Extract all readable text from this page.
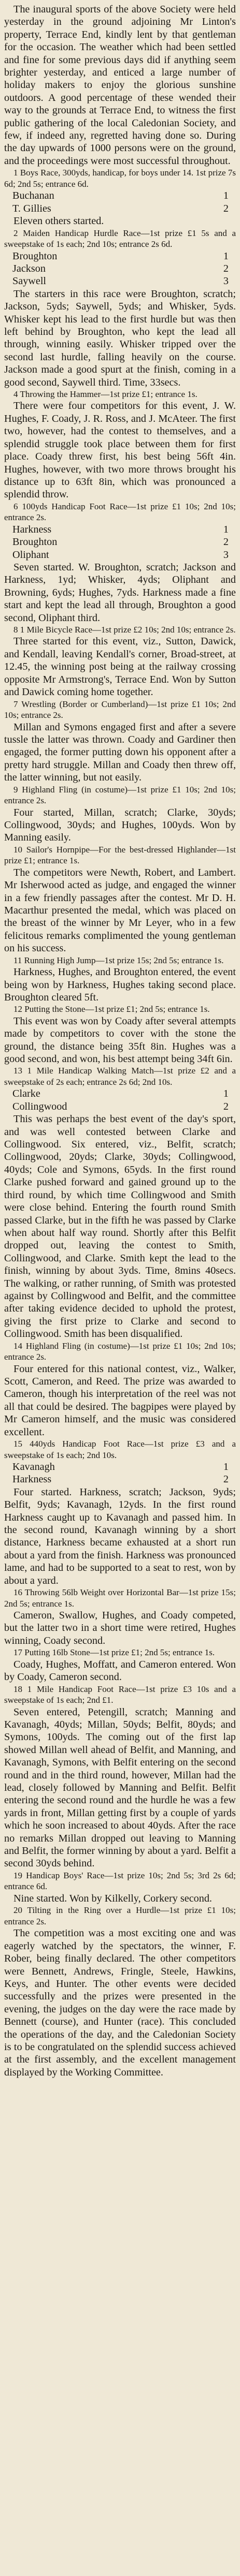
The inaugural sports of the above Society were held yesterday in the ground adjoining Mr Linton's property, Terrace End, kindly lent by that gentleman for the occasion. The weather which had been settled and fine for some previous days did if anything seem brighter yesterday, and enticed a large number of holiday makers to enjoy the glorious sunshine outdoors. A good percentage of these wended their way to the grounds at Terrace End, to witness the first public gathering of the local Caledonian Society, and few, if indeed any, regretted having done so. During the day upwards of 1000 persons were on the ground, and the proceedings were most successful throughout.

1 Boys Race, 300yds, handicap, for boys under 14. 1st prize 7s 6d; 2nd 5s; entrance 6d.

Buchanan	1
T. Gillies	2

Eleven others started.

2 Maiden Handicap Hurdle Race—1st prize £1 5s and a sweepstake of 1s each; 2nd 10s; entrance 2s 6d.

Broughton	1
Jackson	2
Saywell	3

The starters in this race were Broughton, scratch; Jackson, 5yds; Saywell, 5yds; and Whisker, 5yds. Whisker kept his lead to the first hurdle but was then left behind by Broughton, who kept the lead all through, winning easily. Whisker tripped over the second last hurdle, falling heavily on the course. Jackson made a good spurt at the finish, coming in a good second, Saywell third. Time, 33secs.

4 Throwing the Hammer—1st prize £1; entrance 1s.

There were four competitors for this event, J. W. Hughes, F. Coady, J. R. Ross, and J. McAteer. The first two, however, had the contest to themselves, and a splendid struggle took place between them for first place. Coady threw first, his best being 56ft 4in. Hughes, however, with two more throws brought his distance up to 63ft 8in, which was pronounced a splendid throw.

6 100yds Handicap Foot Race—1st prize £1 10s; 2nd 10s; entrance 2s.

Harkness	1
Broughton	2
Oliphant	3

Seven started. W. Broughton, scratch; Jackson and Harkness, 1yd; Whisker, 4yds; Oliphant and Browning, 6yds; Hughes, 7yds. Harkness made a fine start and kept the lead all through, Broughton a good second, Oliphant third.

8 1 Mile Bicycle Race—1st prize £2 10s; 2nd 10s; entrance 2s.

Three started for this event, viz., Sutton, Dawick, and Kendall, leaving Kendall's corner, Broad-street, at 12.45, the winning post being at the railway crossing opposite Mr Armstrong's, Terrace End. Won by Sutton and Dawick coming home together.

7 Wrestling (Border or Cumberland)—1st prize £1 10s; 2nd 10s; entrance 2s.

Millan and Symons engaged first and after a severe tussle the latter was thrown. Coady and Gardiner then engaged, the former putting down his opponent after a pretty hard struggle. Millan and Coady then threw off, the latter winning, but not easily.

9 Highland Fling (in costume)—1st prize £1 10s; 2nd 10s; entrance 2s.

Four started, Millan, scratch; Clarke, 30yds; Collingwood, 30yds; and Hughes, 100yds. Won by Manning easily.

10 Sailor's Hornpipe—For the best-dressed Highlander—1st prize £1; entrance 1s.

The competitors were Newth, Robert, and Lambert. Mr Isherwood acted as judge, and engaged the winner in a few friendly passages after the contest. Mr D. H. Macarthur presented the medal, which was placed on the breast of the winner by Mr Leyer, who in a few felicitous remarks complimented the young gentleman on his success.

11 Running High Jump—1st prize 15s; 2nd 5s; entrance 1s.

Harkness, Hughes, and Broughton entered, the event being won by Harkness, Hughes taking second place. Broughton cleared 5ft.

12 Putting the Stone—1st prize £1; 2nd 5s; entrance 1s.

This event was won by Coady after several attempts made by competitors to cover with the stone the ground, the distance being 35ft 8in. Hughes was a good second, and won, his best attempt being 34ft 6in.

13 1 Mile Handicap Walking Match—1st prize £2 and a sweepstake of 2s each; entrance 2s 6d; 2nd 10s.

Clarke	1
Collingwood	2

This was perhaps the best event of the day's sport, and was well contested between Clarke and Collingwood. Six entered, viz., Belfit, scratch; Collingwood, 20yds; Clarke, 30yds; Collingwood, 40yds; Cole and Symons, 65yds. In the first round Clarke pushed forward and gained ground up to the third round, by which time Collingwood and Smith were close behind. Entering the fourth round Smith passed Clarke, but in the fifth he was passed by Clarke when about half way round. Shortly after this Belfit dropped out, leaving the contest to Smith, Collingwood, and Clarke. Smith kept the lead to the finish, winning by about 3yds. Time, 8mins 40secs. The walking, or rather running, of Smith was protested against by Collingwood and Belfit, and the committee after taking evidence decided to uphold the protest, giving the first prize to Clarke and second to Collingwood. Smith has been disqualified.

14 Highland Fling (in costume)—1st prize £1 10s; 2nd 10s; entrance 2s.

Four entered for this national contest, viz., Walker, Scott, Cameron, and Reed. The prize was awarded to Cameron, though his interpretation of the reel was not all that could be desired. The bagpipes were played by Mr Cameron himself, and the music was considered excellent.

15 440yds Handicap Foot Race—1st prize £3 and a sweepstake of 1s each; 2nd 10s.

Kavanagh	1
Harkness	2

Four started. Harkness, scratch; Jackson, 9yds; Belfit, 9yds; Kavanagh, 12yds. In the first round Harkness caught up to Kavanagh and passed him. In the second round, Kavanagh winning by a short distance, Harkness became exhausted at a short run about a yard from the finish. Harkness was pronounced lame, and had to be supported to a seat to rest, won by about a yard.

16 Throwing 56lb Weight over Horizontal Bar—1st prize 15s; 2nd 5s; entrance 1s.

Cameron, Swallow, Hughes, and Coady competed, but the latter two in a short time were retired, Hughes winning, Coady second.

17 Putting 16lb Stone—1st prize £1; 2nd 5s; entrance 1s.

Coady, Hughes, Moffatt, and Cameron entered. Won by Coady, Cameron second.

18 1 Mile Handicap Foot Race—1st prize £3 10s and a sweepstake of 1s each; 2nd £1.

Seven entered, Petengill, scratch; Manning and Kavanagh, 40yds; Millan, 50yds; Belfit, 80yds; and Symons, 100yds. The coming out of the first lap showed Millan well ahead of Belfit, and Manning, and Kavanagh, Symons, with Belfit entering on the second round and in the third round, however, Millan had the lead, closely followed by Manning and Belfit. Belfit entering the second round and the hurdle he was a few yards in front, Millan getting first by a couple of yards which he soon increased to about 40yds. After the race no remarks Millan dropped out leaving to Manning and Belfit, the former winning by about a yard. Belfit a second 30yds behind.

19 Handicap Boys' Race—1st prize 10s; 2nd 5s; 3rd 2s 6d; entrance 6d.

Nine started. Won by Kilkelly, Corkery second.

20 Tilting in the Ring over a Hurdle—1st prize £1 10s; entrance 2s.

The competition was a most exciting one and was eagerly watched by the spectators, the winner, F. Rober, being finally declared. The other competitors were Bennett, Andrews, Fringle, Steele, Hawkins, Keys, and Hunter. The other events were decided successfully and the prizes were presented in the evening, the judges on the day were the race made by Bennett (course), and Hunter (race). This concluded the operations of the day, and the Caledonian Society is to be congratulated on the splendid success achieved at the first assembly, and the excellent management displayed by the Working Committee.
